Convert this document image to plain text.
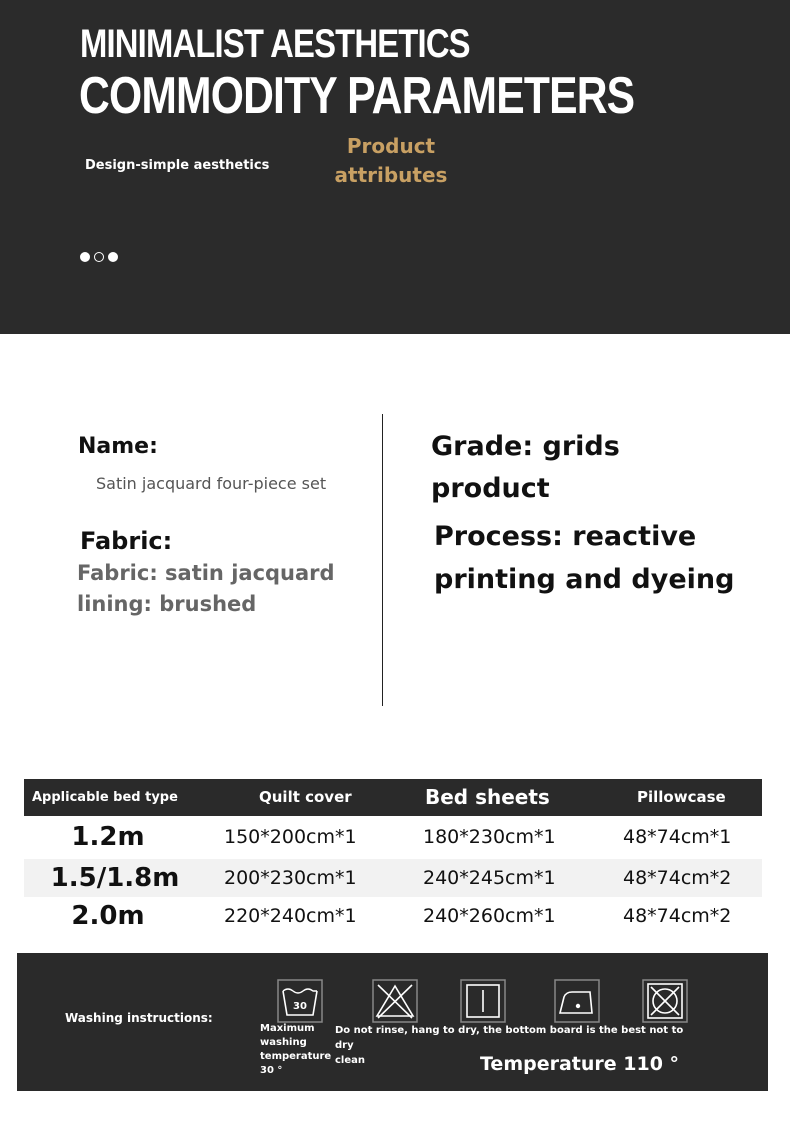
MINIMALIST AESTHETICS
COMMODITY PARAMETERS
Design-simple aesthetics
Product
attributes
Name:
Satin jacquard four-piece set
Fabric:
Fabric: satin jacquard
lining: brushed
Grade: grids
product
Process: reactive
printing and dyeing
Applicable bed type	Quilt cover	Bed sheets	Pillowcase
1.2m	150*200cm*1	180*230cm*1	48*74cm*1
1.5/1.8m 200*230cm*1	240*245cm*1	48*74cm*2
2.0m	220*240cm*1	240*260cm*1	48*74cm*2
Washing instructions:
30
Maximum
washing
temperature
30 °
Do not rinse, hang to dry, the bottom board is the best not to dry
clean	Temperature 110 °
